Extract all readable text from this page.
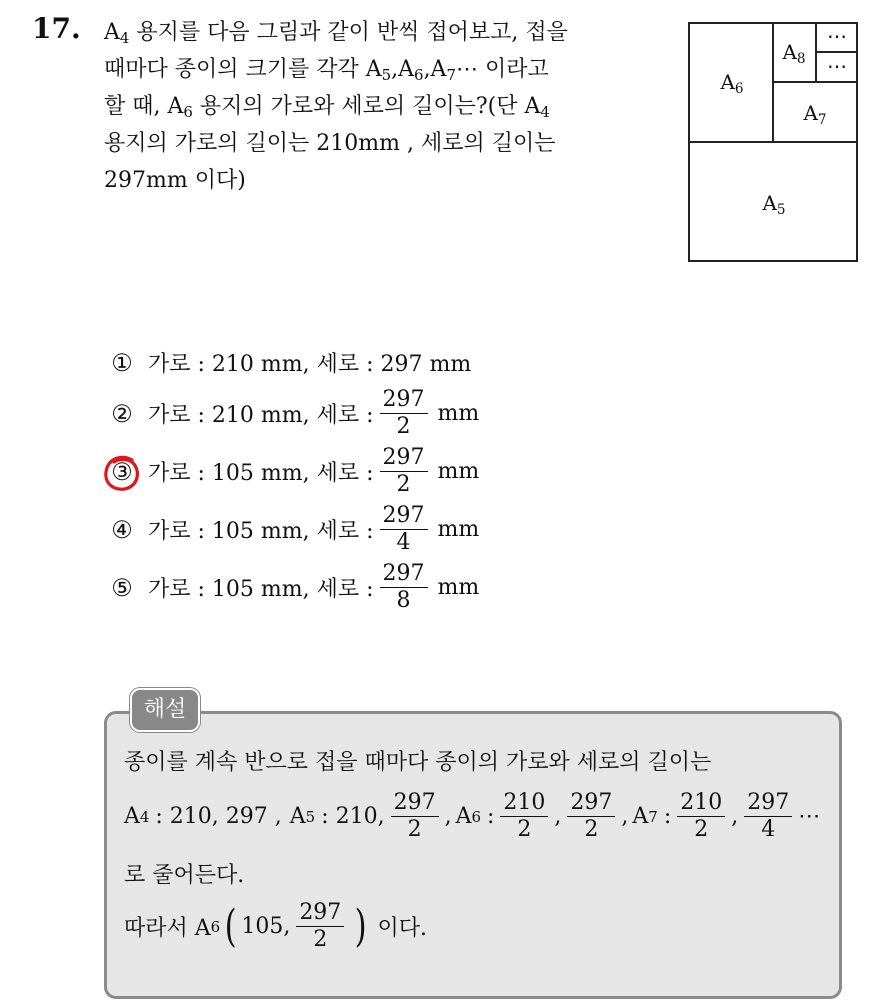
17. $A_4$ 용지를 다음 그림과 같이 반씩 접어보고, 접을
때마다 종이의 크기를 각각 $A_5,A_6,A_7\cdots$ 이라고
할 때, $A_6$ 용지의 가로와 세로의 길이는?(단 $A_4$
용지의 가로의 길이는 210mm , 세로의 길이는
297mm 이다)
$A_6$
$A_8$
$A_7$
$A_5$
⋯
⋯
① 가로 : 210 mm, 세로 : 297 mm
② 가로 : 210 mm, 세로 : $\frac{297}{2}$ mm
③ 가로 : 105 mm, 세로 : $\frac{297}{2}$ mm
④ 가로 : 105 mm, 세로 : $\frac{297}{4}$ mm
⑤ 가로 : 105 mm, 세로 : $\frac{297}{8}$ mm
해설
종이를 계속 반으로 접을 때마다 종이의 가로와 세로의 길이는
A 4 : 210, 297 , A 5 : 210, $\frac{297}{2}$ , A 6 : $\frac{210}{2}$ , $\frac{297}{2}$ , A 7 : $\frac{210}{2}$ , $\frac{297}{4}$ ⋯
로 줄어든다.
따라서 A 6 ( 105, $\frac{297}{2}$ ) 이다.
